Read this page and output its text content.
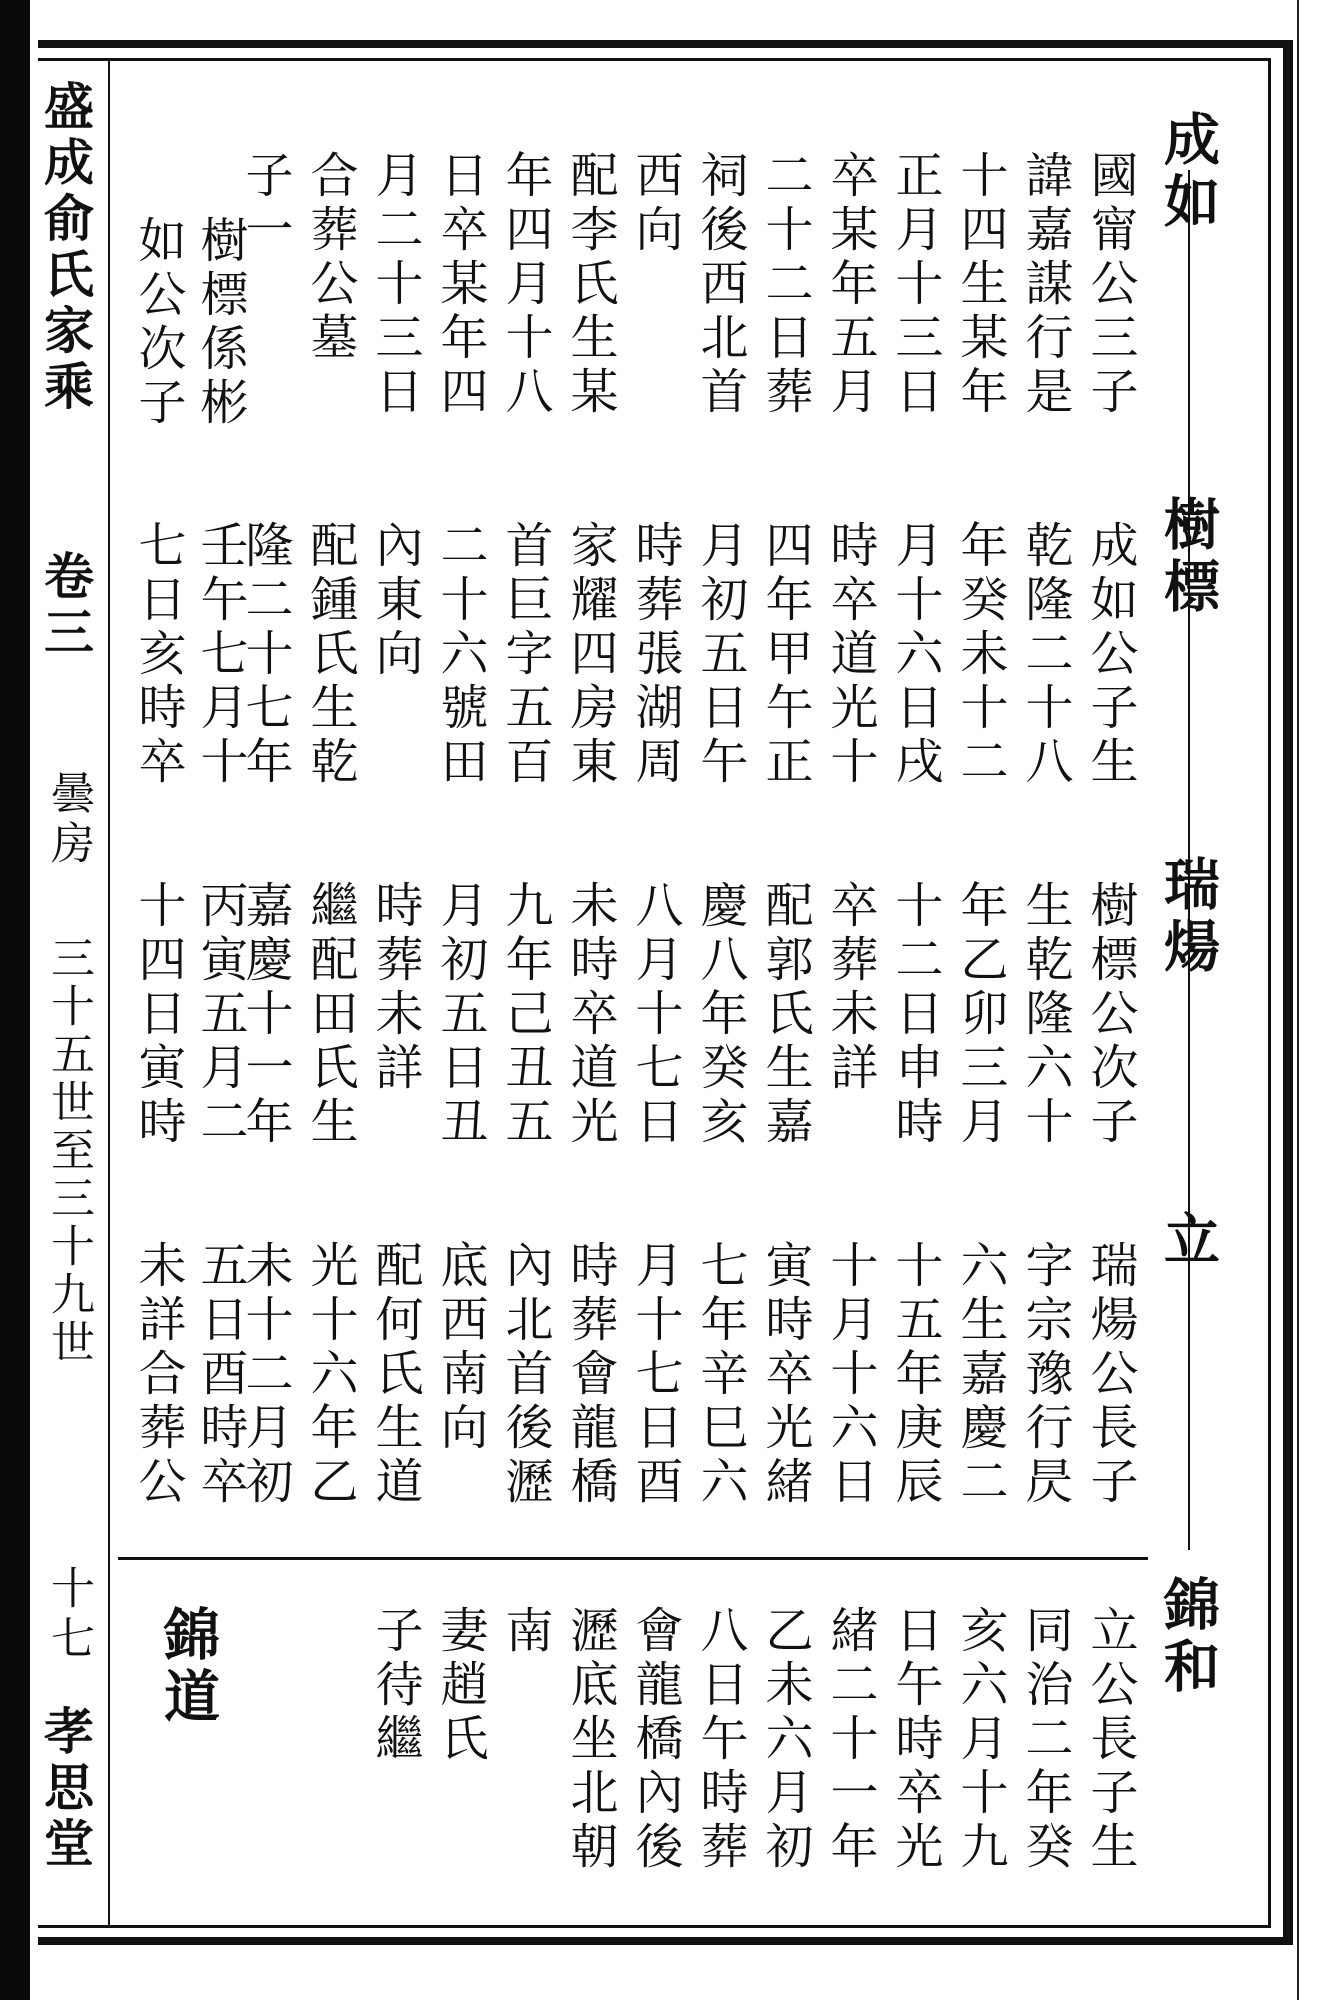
盛成俞氏家乘
卷三
曇房
三十五世至三十九世
十七
孝思堂
成如
樹標
瑞煬
立
錦和
錦道
國甯公三子
諱嘉謀行是
十四生某年
正月十三日
卒某年五月
二十二日葬
祠後西北首
西向
配李氏生某
年四月十八
日卒某年四
月二十三日
合葬公墓
子一
樹標係彬
如公次子
成如公子生
乾隆二十八
年癸未十二
月十六日戌
時卒道光十
四年甲午正
月初五日午
時葬張湖周
家耀四房東
首巨字五百
二十六號田
內東向
配鍾氏生乾
隆二十七年
壬午七月十
七日亥時卒
樹標公次子
生乾隆六十
年乙卯三月
十二日申時
卒葬未詳
配郭氏生嘉
慶八年癸亥
八月十七日
未時卒道光
九年己丑五
月初五日丑
時葬未詳
繼配田氏生
嘉慶十一年
丙寅五月二
十四日寅時
瑞煬公長子
字宗豫行昃
六生嘉慶二
十五年庚辰
十月十六日
寅時卒光緒
七年辛巳六
月十七日酉
時葬會龍橋
內北首後瀝
底西南向
配何氏生道
光十六年乙
未十二月初
五日酉時卒
未詳合葬公
立公長子生
同治二年癸
亥六月十九
日午時卒光
緒二十一年
乙未六月初
八日午時葬
會龍橋內後
瀝底坐北朝
南
妻趙氏
子待繼
